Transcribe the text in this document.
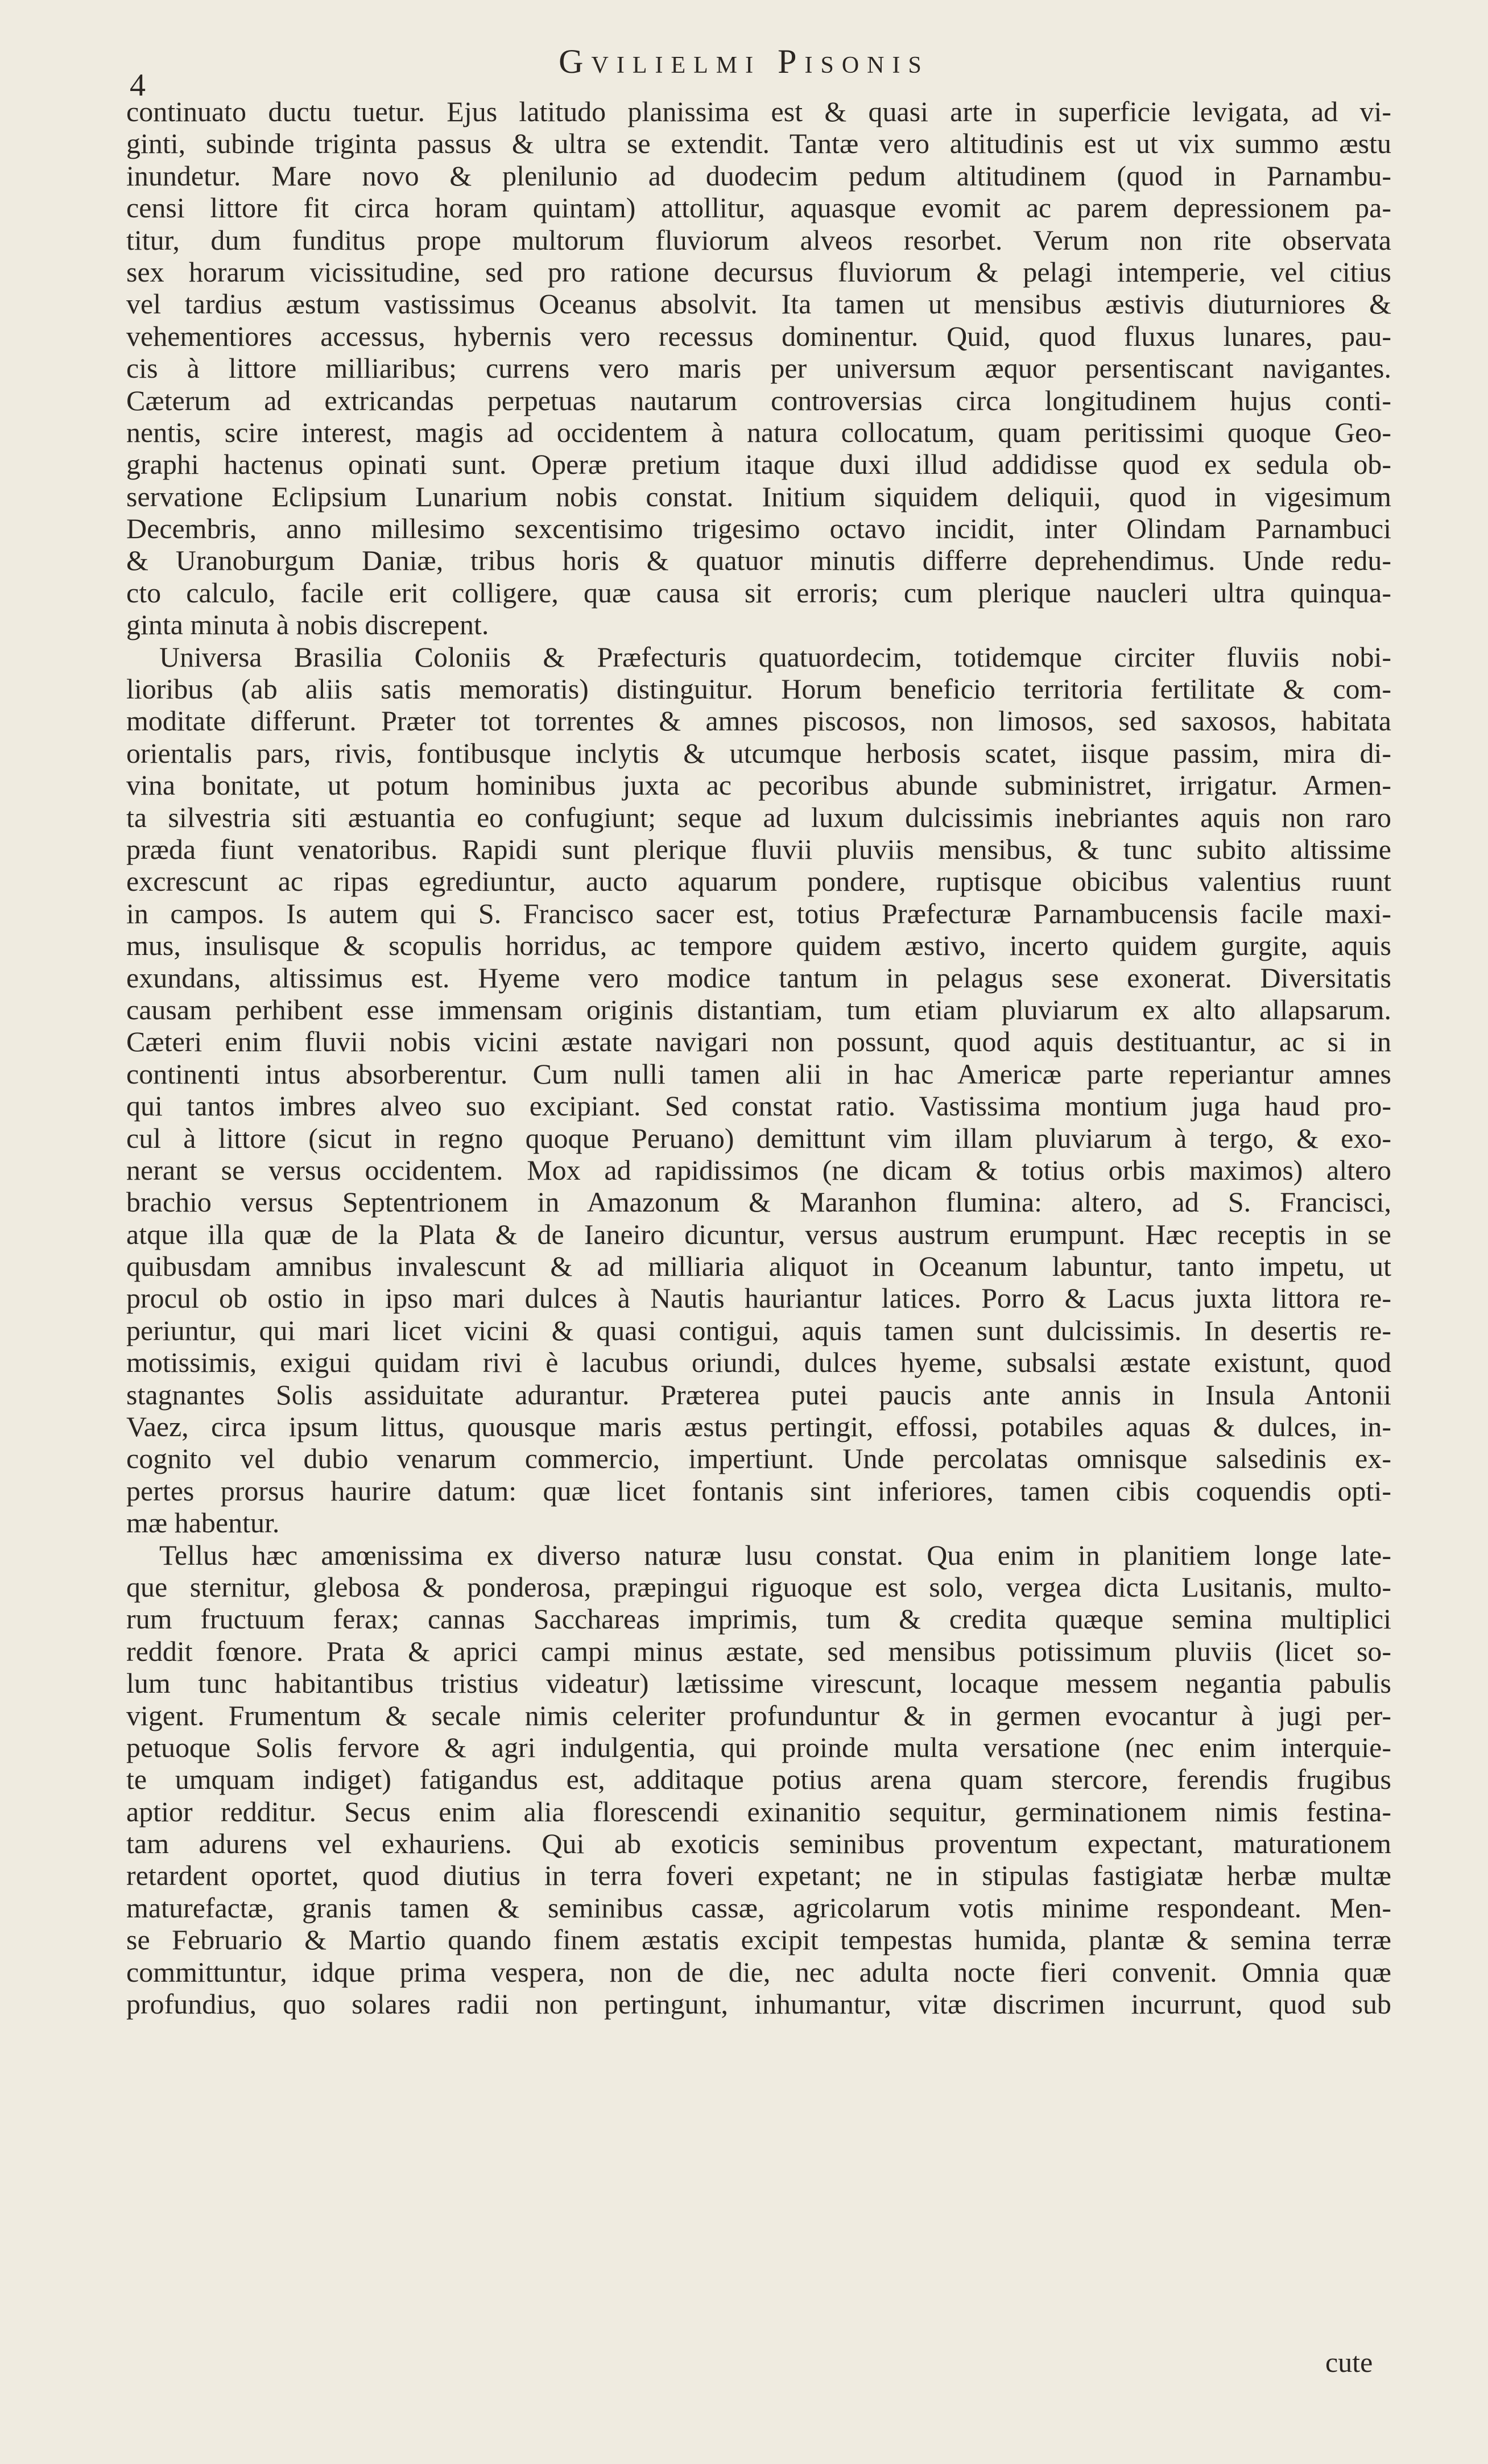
Gvilielmi Pisonis
4
continuato ductu tuetur. Ejus latitudo planissima est & quasi arte in superficie levigata, ad vi-
ginti, subinde triginta passus & ultra se extendit. Tantæ vero altitudinis est ut vix summo æstu
inundetur. Mare novo & plenilunio ad duodecim pedum altitudinem (quod in Parnambu-
censi littore fit circa horam quintam) attollitur, aquasque evomit ac parem depressionem pa-
titur, dum funditus prope multorum fluviorum alveos resorbet. Verum non rite observata
sex horarum vicissitudine, sed pro ratione decursus fluviorum & pelagi intemperie, vel citius
vel tardius æstum vastissimus Oceanus absolvit. Ita tamen ut mensibus æstivis diuturniores &
vehementiores accessus, hybernis vero recessus dominentur. Quid, quod fluxus lunares, pau-
cis à littore milliaribus; currens vero maris per universum æquor persentiscant navigantes.
Cæterum ad extricandas perpetuas nautarum controversias circa longitudinem hujus conti-
nentis, scire interest, magis ad occidentem à natura collocatum, quam peritissimi quoque Geo-
graphi hactenus opinati sunt. Operæ pretium itaque duxi illud addidisse quod ex sedula ob-
servatione Eclipsium Lunarium nobis constat. Initium siquidem deliquii, quod in vigesimum
Decembris, anno millesimo sexcentisimo trigesimo octavo incidit, inter Olindam Parnambuci
& Uranoburgum Daniæ, tribus horis & quatuor minutis differre deprehendimus. Unde redu-
cto calculo, facile erit colligere, quæ causa sit erroris; cum plerique naucleri ultra quinqua-
ginta minuta à nobis discrepent.
Universa Brasilia Coloniis & Præfecturis quatuordecim, totidemque circiter fluviis nobi-
lioribus (ab aliis satis memoratis) distinguitur. Horum beneficio territoria fertilitate & com-
moditate differunt. Præter tot torrentes & amnes piscosos, non limosos, sed saxosos, habitata
orientalis pars, rivis, fontibusque inclytis & utcumque herbosis scatet, iisque passim, mira di-
vina bonitate, ut potum hominibus juxta ac pecoribus abunde subministret, irrigatur. Armen-
ta silvestria siti æstuantia eo confugiunt; seque ad luxum dulcissimis inebriantes aquis non raro
præda fiunt venatoribus. Rapidi sunt plerique fluvii pluviis mensibus, & tunc subito altissime
excrescunt ac ripas egrediuntur, aucto aquarum pondere, ruptisque obicibus valentius ruunt
in campos. Is autem qui S. Francisco sacer est, totius Præfecturæ Parnambucensis facile maxi-
mus, insulisque & scopulis horridus, ac tempore quidem æstivo, incerto quidem gurgite, aquis
exundans, altissimus est. Hyeme vero modice tantum in pelagus sese exonerat. Diversitatis
causam perhibent esse immensam originis distantiam, tum etiam pluviarum ex alto allapsarum.
Cæteri enim fluvii nobis vicini æstate navigari non possunt, quod aquis destituantur, ac si in
continenti intus absorberentur. Cum nulli tamen alii in hac Americæ parte reperiantur amnes
qui tantos imbres alveo suo excipiant. Sed constat ratio. Vastissima montium juga haud pro-
cul à littore (sicut in regno quoque Peruano) demittunt vim illam pluviarum à tergo, & exo-
nerant se versus occidentem. Mox ad rapidissimos (ne dicam & totius orbis maximos) altero
brachio versus Septentrionem in Amazonum & Maranhon flumina: altero, ad S. Francisci,
atque illa quæ de la Plata & de Ianeiro dicuntur, versus austrum erumpunt. Hæc receptis in se
quibusdam amnibus invalescunt & ad milliaria aliquot in Oceanum labuntur, tanto impetu, ut
procul ob ostio in ipso mari dulces à Nautis hauriantur latices. Porro & Lacus juxta littora re-
periuntur, qui mari licet vicini & quasi contigui, aquis tamen sunt dulcissimis. In desertis re-
motissimis, exigui quidam rivi è lacubus oriundi, dulces hyeme, subsalsi æstate existunt, quod
stagnantes Solis assiduitate adurantur. Præterea putei paucis ante annis in Insula Antonii
Vaez, circa ipsum littus, quousque maris æstus pertingit, effossi, potabiles aquas & dulces, in-
cognito vel dubio venarum commercio, impertiunt. Unde percolatas omnisque salsedinis ex-
pertes prorsus haurire datum: quæ licet fontanis sint inferiores, tamen cibis coquendis opti-
mæ habentur.
Tellus hæc amœnissima ex diverso naturæ lusu constat. Qua enim in planitiem longe late-
que sternitur, glebosa & ponderosa, præpingui riguoque est solo, vergea dicta Lusitanis, multo-
rum fructuum ferax; cannas Sacchareas imprimis, tum & credita quæque semina multiplici
reddit fœnore. Prata & aprici campi minus æstate, sed mensibus potissimum pluviis (licet so-
lum tunc habitantibus tristius videatur) lætissime virescunt, locaque messem negantia pabulis
vigent. Frumentum & secale nimis celeriter profunduntur & in germen evocantur à jugi per-
petuoque Solis fervore & agri indulgentia, qui proinde multa versatione (nec enim interquie-
te umquam indiget) fatigandus est, additaque potius arena quam stercore, ferendis frugibus
aptior redditur. Secus enim alia florescendi exinanitio sequitur, germinationem nimis festina-
tam adurens vel exhauriens. Qui ab exoticis seminibus proventum expectant, maturationem
retardent oportet, quod diutius in terra foveri expetant; ne in stipulas fastigiatæ herbæ multæ
maturefactæ, granis tamen & seminibus cassæ, agricolarum votis minime respondeant. Men-
se Februario & Martio quando finem æstatis excipit tempestas humida, plantæ & semina terræ
committuntur, idque prima vespera, non de die, nec adulta nocte fieri convenit. Omnia quæ
profundius, quo solares radii non pertingunt, inhumantur, vitæ discrimen incurrunt, quod sub
cute
